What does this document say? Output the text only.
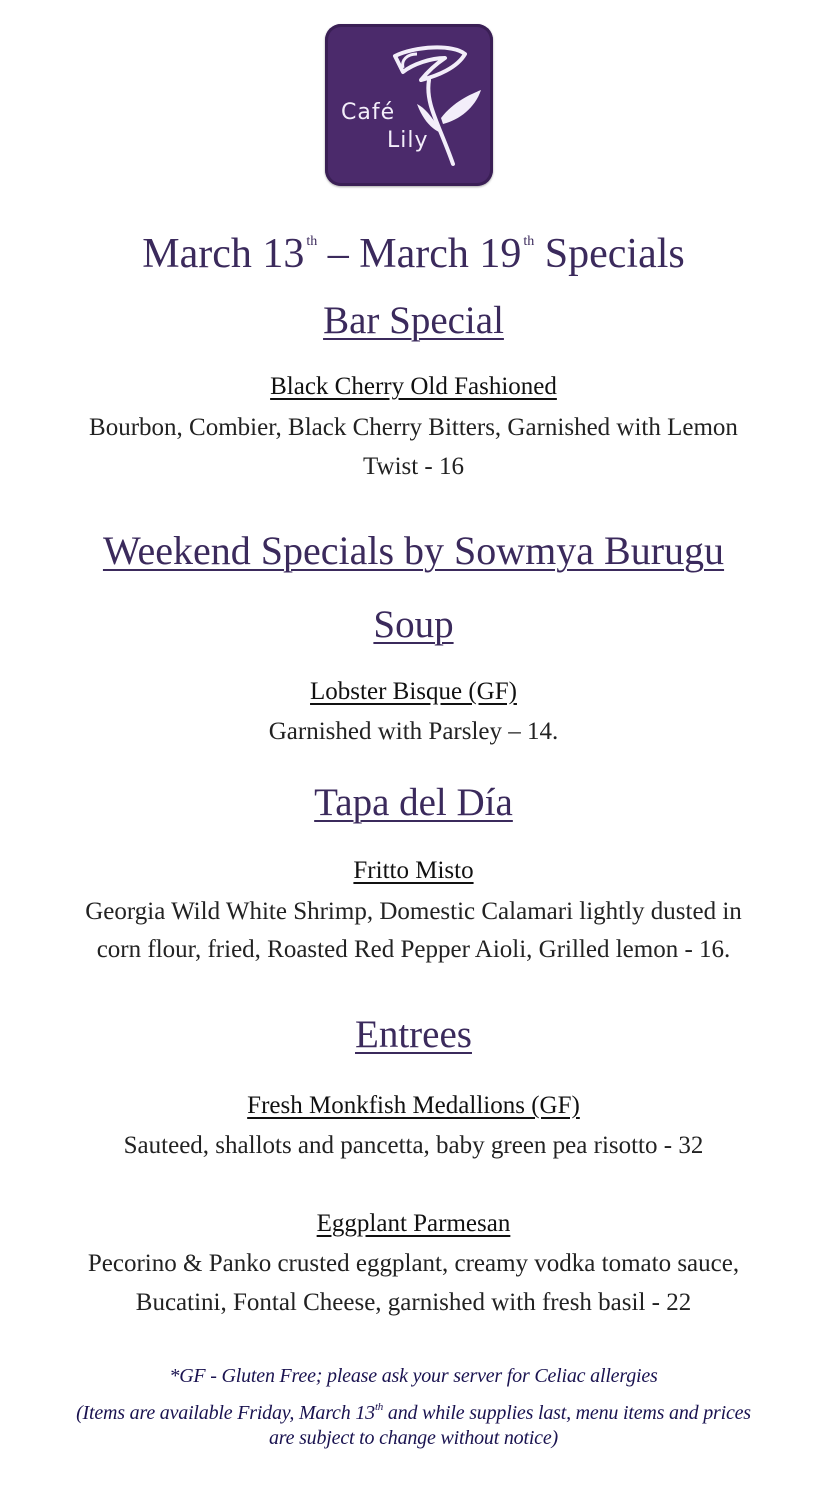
Café
Lily
March 13 $^{th}$ – March 19 $^{th}$ Specials
Bar Special
Black Cherry Old Fashioned
Bourbon, Combier, Black Cherry Bitters, Garnished with Lemon
Twist - 16
Weekend Specials by Sowmya Burugu
Soup
Lobster Bisque (GF)
Garnished with Parsley – 14.
Tapa del Día
Fritto Misto
Georgia Wild White Shrimp, Domestic Calamari lightly dusted in
corn flour, fried, Roasted Red Pepper Aioli, Grilled lemon - 16.
Entrees
Fresh Monkfish Medallions (GF)
Sauteed, shallots and pancetta, baby green pea risotto - 32
Eggplant Parmesan
Pecorino & Panko crusted eggplant, creamy vodka tomato sauce,
Bucatini, Fontal Cheese, garnished with fresh basil - 22
*GF - Gluten Free; please ask your server for Celiac allergies
(Items are available Friday, March 13th and while supplies last, menu items and prices
are subject to change without notice)
